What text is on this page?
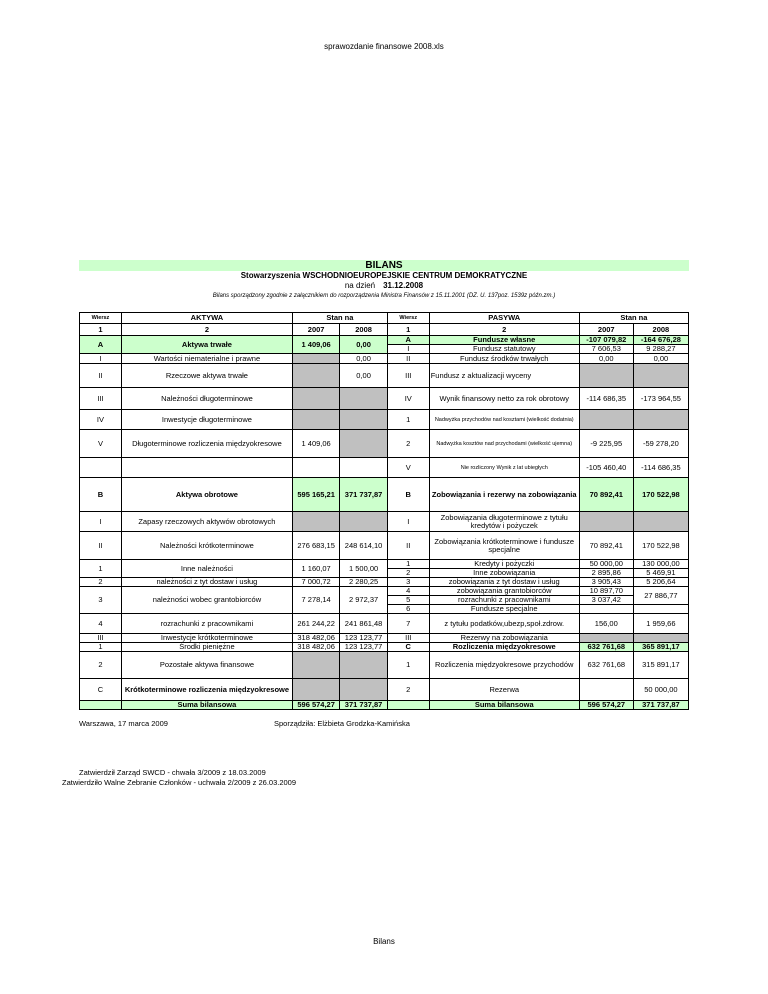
sprawozdanie finansowe 2008.xls
BILANS
Stowarzyszenia WSCHODNIOEUROPEJSKIE CENTRUM DEMOKRATYCZNE
na dzień 31.12.2008
Bilans sporządzony zgodnie z załącznikiem do rozporządzenia Ministra Finansów z 15.11.2001 (DZ. U. 137poz. 1539z późn.zm.)
Wiersz	AKTYWA	Stan na		Wiersz	PASYWA	Stan na	
1	2	2007	2008	1	2	2007	2008
A	Aktywa trwałe	1 409,06	0,00	A	Fundusze własne	-107 079,82	-164 676,28
				I	Fundusz statutowy	7 606,53	9 288,27
I	Wartości niematerialne i prawne		0,00	II	Fundusz środków trwałych	0,00	0,00
II	Rzeczowe aktywa trwałe		0,00	III	Fundusz z aktualizacji wyceny		
III	Należności długoterminowe			IV	Wynik finansowy netto za rok obrotowy	-114 686,35	-173 964,55
IV	Inwestycje długoterminowe			1	Nadwyżka przychodów nad kosztami (wielkość dodatnia)		
V	Długoterminowe rozliczenia międzyokresowe	1 409,06		2	Nadwyżka kosztów nad przychodami (wielkość ujemna)	-9 225,95	-59 278,20
				V	Nie rozliczony Wynik z lat ubiegłych	-105 460,40	-114 686,35
B	Aktywa obrotowe	595 165,21	371 737,87	B	Zobowiązania i rezerwy na zobowiązania	70 892,41	170 522,98
I	Zapasy rzeczowych aktywów obrotowych			I	Zobowiązania długoterminowe z tytułu kredytów i pożyczek		
II	Należności krótkoterminowe	276 683,15	248 614,10	II	Zobowiązania krótkoterminowe i fundusze specjalne	70 892,41	170 522,98
1	Inne należności	1 160,07	1 500,00	1	Kredyty i pożyczki	50 000,00	130 000,00
				2	Inne zobowiązania	2 895,86	5 469,91
2	należności z tyt dostaw i usług	7 000,72	2 280,25	3	zobowiązania z tyt dostaw i usług	3 905,43	5 206,64
3	należności wobec grantobiorców	7 278,14	2 972,37	4	zobowiązania grantobiorców	10 897,70	27 886,77
				5	rozrachunki z pracownikami	3 037,42	
				6	Fundusze specjalne		
4	rozrachunki z pracownikami	261 244,22	241 861,48	7	z tytułu podatków,ubezp,społ.zdrow.	156,00	1 959,66
III	Inwestycje krótkoterminowe	318 482,06	123 123,77	III	Rezerwy na zobowiązania		
1	Środki pieniężne	318 482,06	123 123,77	C	Rozliczenia międzyokresowe	632 761,68	365 891,17
2	Pozostałe aktywa finansowe			1	Rozliczenia międzyokresowe przychodów	632 761,68	315 891,17
C	Krótkoterminowe rozliczenia międzyokresowe			2	Rezerwa		50 000,00
	Suma bilansowa	596 574,27	371 737,87		Suma bilansowa	596 574,27	371 737,87
Warszawa, 17 marca 2009	Sporządziła: Elżbieta Grodzka-Kamińska
Zatwierdził Zarząd SWCD - chwała 3/2009 z 18.03.2009
Zatwierdziło Walne Zebranie Członków - uchwała 2/2009 z 26.03.2009
Bilans
